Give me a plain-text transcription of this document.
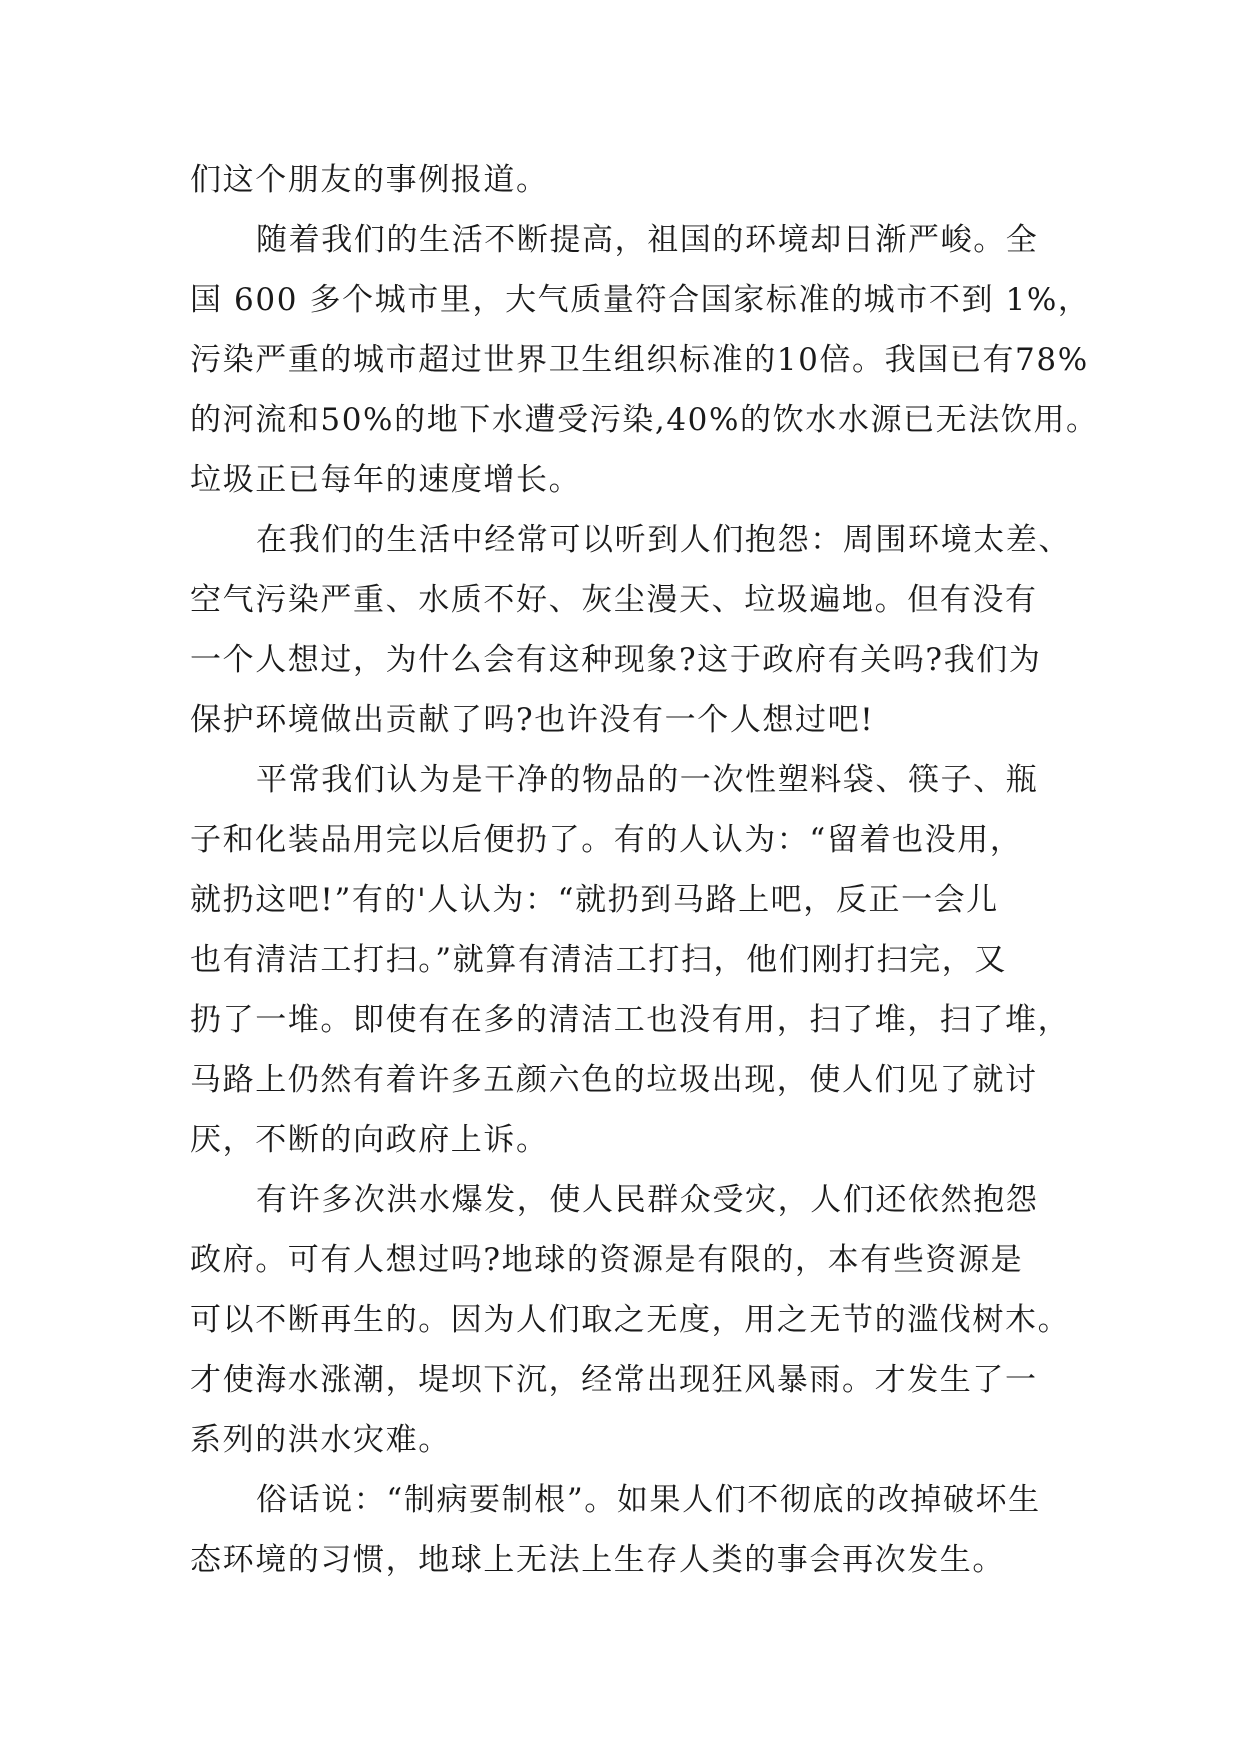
们这个朋友的事例报道。
随着我们的生活不断提高，祖国的环境却日渐严峻。全
国 600 多个城市里，大气质量符合国家标准的城市不到 1%，
污染严重的城市超过世界卫生组织标准的10倍。我国已有78%
的河流和50%的地下水遭受污染,40%的饮水水源已无法饮用。
垃圾正已每年的速度增长。
在我们的生活中经常可以听到人们抱怨：周围环境太差、
空气污染严重、水质不好、灰尘漫天、垃圾遍地。但有没有
一个人想过，为什么会有这种现象?这于政府有关吗?我们为
保护环境做出贡献了吗?也许没有一个人想过吧!
平常我们认为是干净的物品的一次性塑料袋、筷子、瓶
子和化装品用完以后便扔了。有的人认为：“留着也没用，
就扔这吧!”有的'人认为：“就扔到马路上吧，反正一会儿
也有清洁工打扫。”就算有清洁工打扫，他们刚打扫完，又
扔了一堆。即使有在多的清洁工也没有用，扫了堆，扫了堆，
马路上仍然有着许多五颜六色的垃圾出现，使人们见了就讨
厌，不断的向政府上诉。
有许多次洪水爆发，使人民群众受灾，人们还依然抱怨
政府。可有人想过吗?地球的资源是有限的，本有些资源是
可以不断再生的。因为人们取之无度，用之无节的滥伐树木。
才使海水涨潮，堤坝下沉，经常出现狂风暴雨。才发生了一
系列的洪水灾难。
俗话说：“制病要制根”。如果人们不彻底的改掉破坏生
态环境的习惯，地球上无法上生存人类的事会再次发生。
